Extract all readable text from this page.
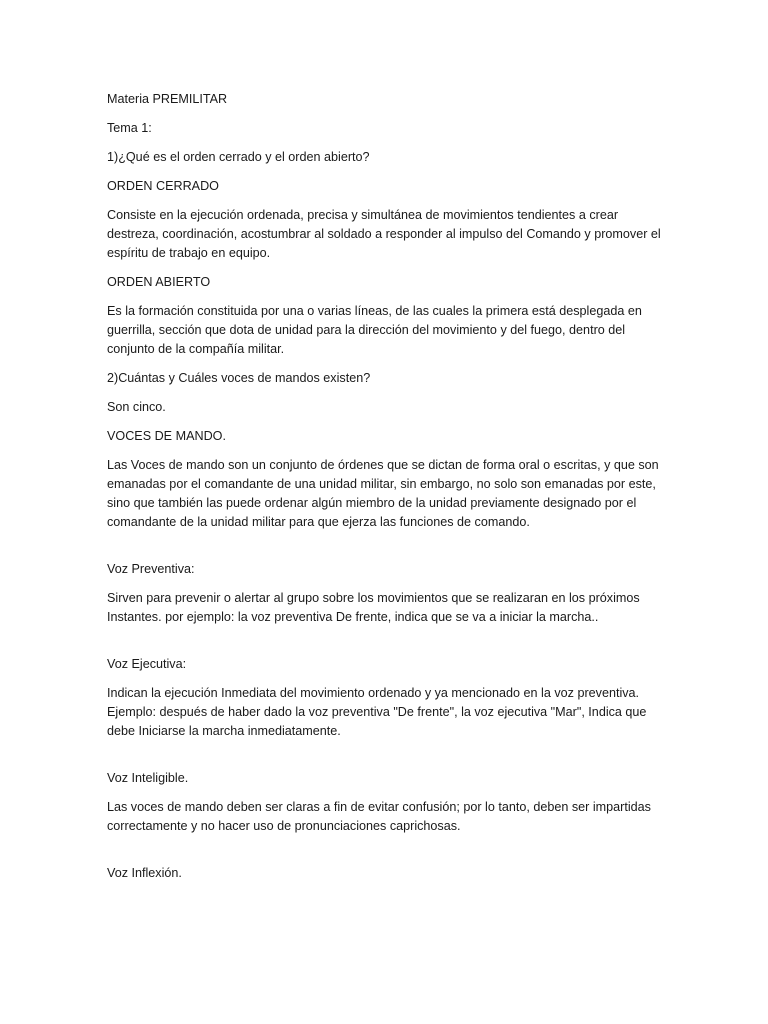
Materia PREMILITAR

Tema 1:

1)¿Qué es el orden cerrado y el orden abierto?

ORDEN CERRADO

Consiste en la ejecución ordenada, precisa y simultánea de movimientos tendientes a crear destreza, coordinación, acostumbrar al soldado a responder al impulso del Comando y promover el espíritu de trabajo en equipo.

ORDEN ABIERTO

Es la formación constituida por una o varias líneas, de las cuales la primera está desplegada en guerrilla, sección que dota de unidad para la dirección del movimiento y del fuego, dentro del conjunto de la compañía militar.

2)Cuántas y Cuáles voces de mandos existen?

Son cinco.

VOCES DE MANDO.

Las Voces de mando son un conjunto de órdenes que se dictan de forma oral o escritas, y que son emanadas por el comandante de una unidad militar, sin embargo, no solo son emanadas por este, sino que también las puede ordenar algún miembro de la unidad previamente designado por el comandante de la unidad militar para que ejerza las funciones de comando.

Voz Preventiva:

Sirven para prevenir o alertar al grupo sobre los movimientos que se realizaran en los próximos Instantes. por ejemplo: la voz preventiva De frente, indica que se va a iniciar la marcha..

Voz Ejecutiva:

Indican la ejecución Inmediata del movimiento ordenado y ya mencionado en la voz preventiva. Ejemplo: después de haber dado la voz preventiva "De frente", la voz ejecutiva "Mar", Indica que debe Iniciarse la marcha inmediatamente.

Voz Inteligible.

Las voces de mando deben ser claras a fin de evitar confusión; por lo tanto, deben ser impartidas correctamente y no hacer uso de pronunciaciones caprichosas.

Voz Inflexión.
